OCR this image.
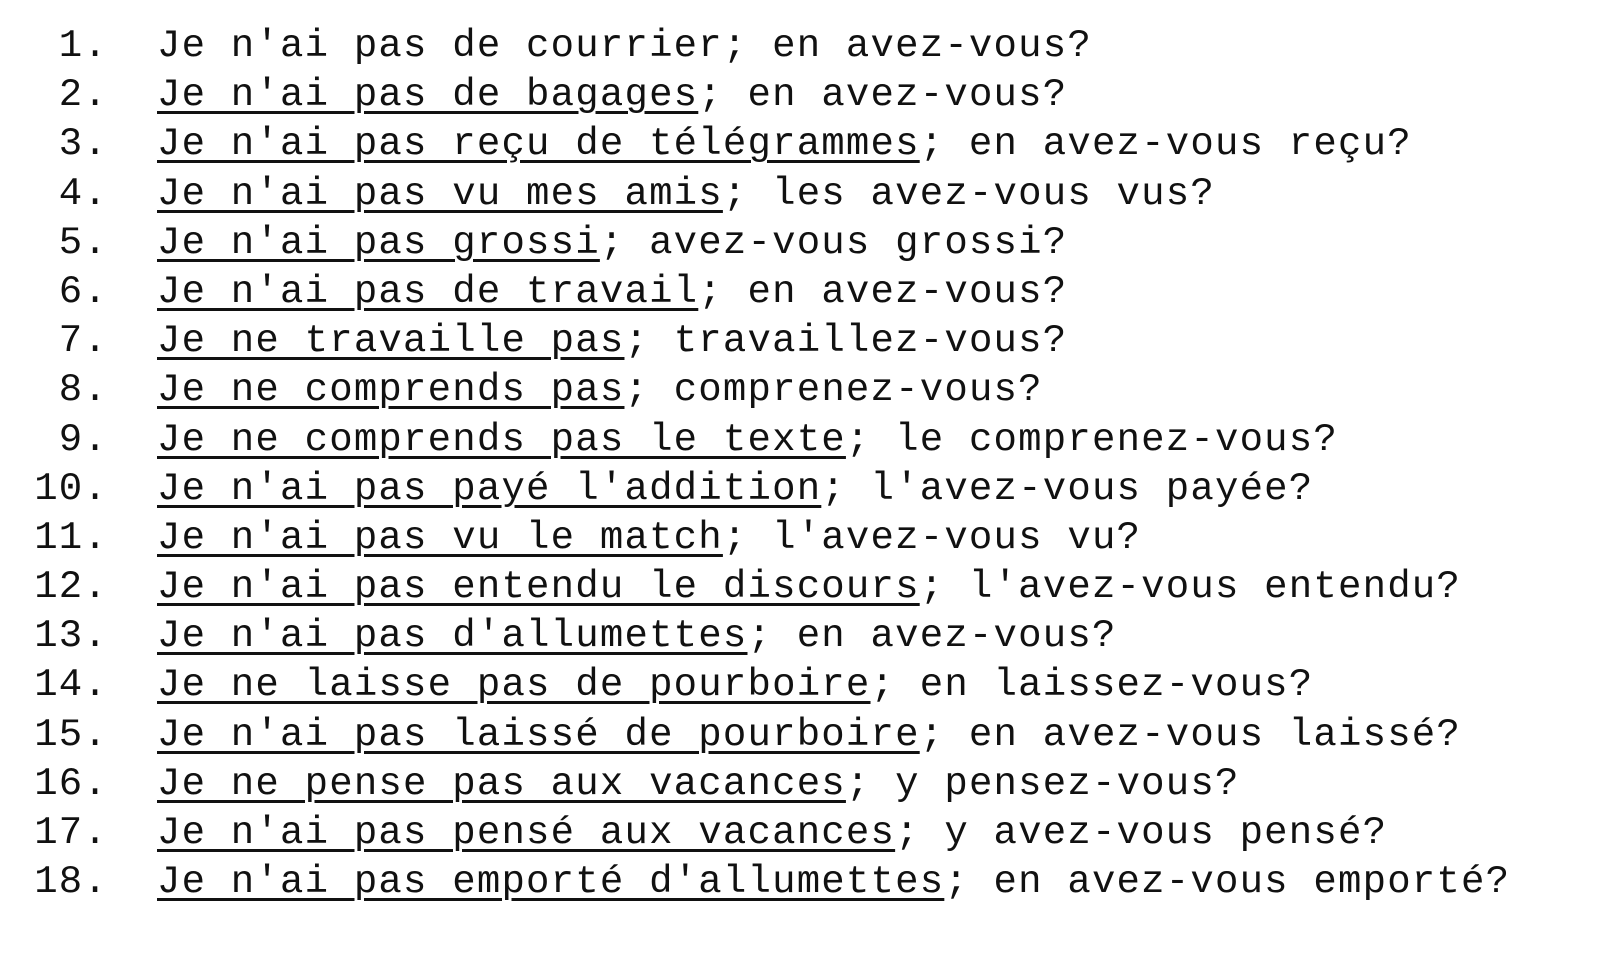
1. Je n'ai pas de courrier; en avez-vous?
2. Je n'ai pas de bagages; en avez-vous?
3. Je n'ai pas reçu de télégrammes; en avez-vous reçu?
4. Je n'ai pas vu mes amis; les avez-vous vus?
5. Je n'ai pas grossi; avez-vous grossi?
6. Je n'ai pas de travail; en avez-vous?
7. Je ne travaille pas; travaillez-vous?
8. Je ne comprends pas; comprenez-vous?
9. Je ne comprends pas le texte; le comprenez-vous?
10. Je n'ai pas payé l'addition; l'avez-vous payée?
11. Je n'ai pas vu le match; l'avez-vous vu?
12. Je n'ai pas entendu le discours; l'avez-vous entendu?
13. Je n'ai pas d'allumettes; en avez-vous?
14. Je ne laisse pas de pourboire; en laissez-vous?
15. Je n'ai pas laissé de pourboire; en avez-vous laissé?
16. Je ne pense pas aux vacances; y pensez-vous?
17. Je n'ai pas pensé aux vacances; y avez-vous pensé?
18. Je n'ai pas emporté d'allumettes; en avez-vous emporté?
